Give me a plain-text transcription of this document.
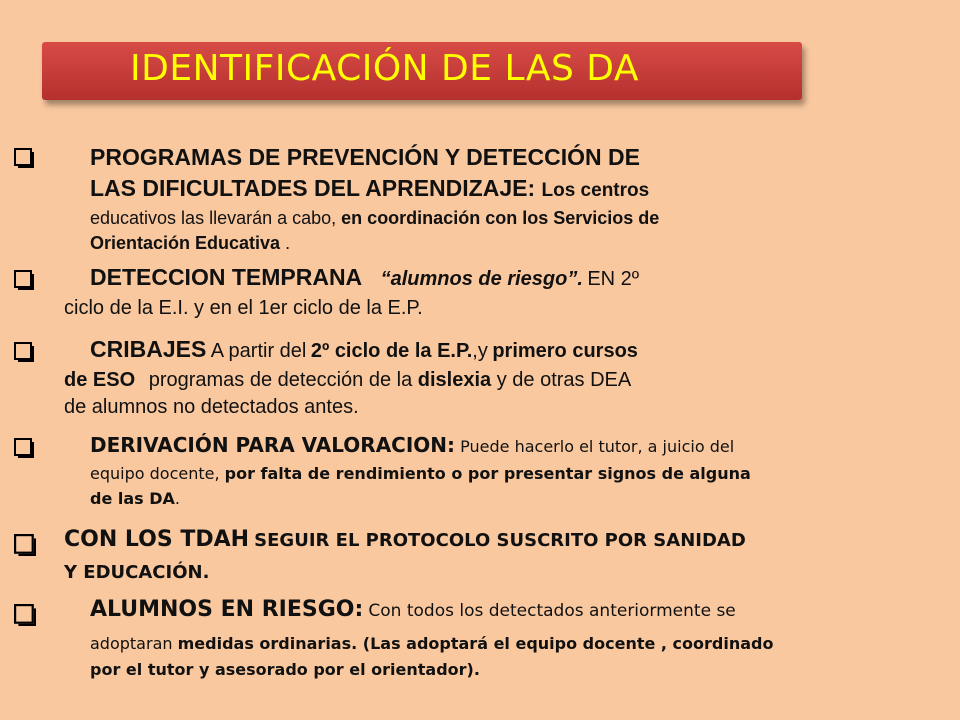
IDENTIFICACIÓN DE LAS DA
PROGRAMAS DE PREVENCIÓN Y DETECCIÓN DE
LAS DIFICULTADES DEL APRENDIZAJE: Los centros
educativos las llevarán a cabo, en coordinación con los Servicios de
Orientación Educativa .
DETECCION TEMPRANA “alumnos de riesgo”. EN 2º
ciclo de la E.I. y en el 1er ciclo de la E.P.
CRIBAJES A partir del 2º ciclo de la E.P.,y primero cursos
de ESO programas de detección de la dislexia y de otras DEA
de alumnos no detectados antes.
DERIVACIÓN PARA VALORACION: Puede hacerlo el tutor, a juicio del
equipo docente, por falta de rendimiento o por presentar signos de alguna
de las DA.
CON LOS TDAH SEGUIR EL PROTOCOLO SUSCRITO POR SANIDAD
Y EDUCACIÓN.
ALUMNOS EN RIESGO: Con todos los detectados anteriormente se
adoptaran medidas ordinarias. (Las adoptará el equipo docente , coordinado
por el tutor y asesorado por el orientador).
